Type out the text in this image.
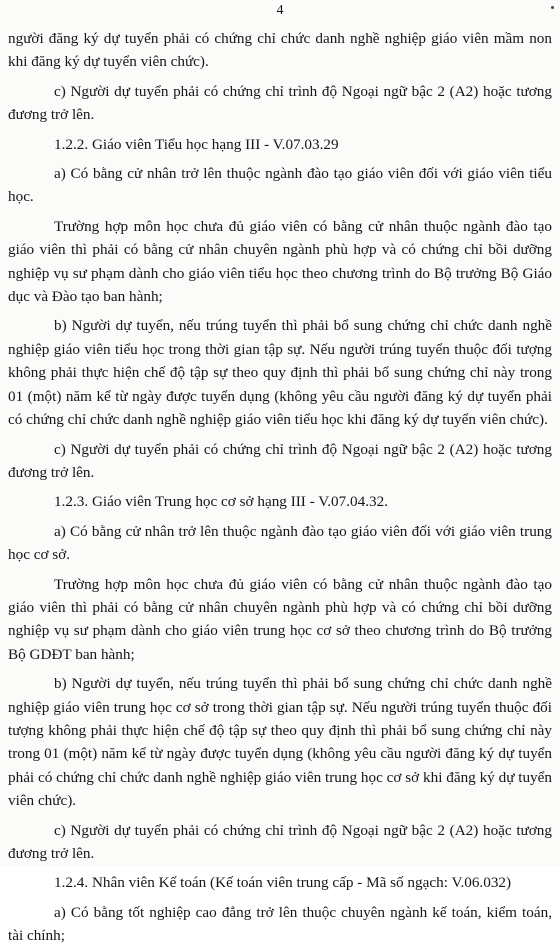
4

người đăng ký dự tuyển phải có chứng chỉ chức danh nghề nghiệp giáo viên mầm non khi đăng ký dự tuyển viên chức).

c) Người dự tuyển phải có chứng chỉ trình độ Ngoại ngữ bậc 2 (A2) hoặc tương đương trở lên.

1.2.2. Giáo viên Tiểu học hạng III - V.07.03.29

a) Có bằng cử nhân trở lên thuộc ngành đào tạo giáo viên đối với giáo viên tiểu học.

Trường hợp môn học chưa đủ giáo viên có bằng cử nhân thuộc ngành đào tạo giáo viên thì phải có bằng cử nhân chuyên ngành phù hợp và có chứng chỉ bồi dưỡng nghiệp vụ sư phạm dành cho giáo viên tiểu học theo chương trình do Bộ trưởng Bộ Giáo dục và Đào tạo ban hành;

b) Người dự tuyển, nếu trúng tuyển thì phải bổ sung chứng chỉ chức danh nghề nghiệp giáo viên tiểu học trong thời gian tập sự. Nếu người trúng tuyển thuộc đối tượng không phải thực hiện chế độ tập sự theo quy định thì phải bổ sung chứng chỉ này trong 01 (một) năm kể từ ngày được tuyển dụng (không yêu cầu người đăng ký dự tuyển phải có chứng chỉ chức danh nghề nghiệp giáo viên tiểu học khi đăng ký dự tuyển viên chức).

c) Người dự tuyển phải có chứng chỉ trình độ Ngoại ngữ bậc 2 (A2) hoặc tương đương trở lên.

1.2.3. Giáo viên Trung học cơ sở hạng III - V.07.04.32.

a) Có bằng cử nhân trở lên thuộc ngành đào tạo giáo viên đối với giáo viên trung học cơ sở.

Trường hợp môn học chưa đủ giáo viên có bằng cử nhân thuộc ngành đào tạo giáo viên thì phải có bằng cử nhân chuyên ngành phù hợp và có chứng chỉ bồi dưỡng nghiệp vụ sư phạm dành cho giáo viên trung học cơ sở theo chương trình do Bộ trưởng Bộ GDĐT ban hành;

b) Người dự tuyển, nếu trúng tuyển thì phải bổ sung chứng chỉ chức danh nghề nghiệp giáo viên trung học cơ sở trong thời gian tập sự. Nếu người trúng tuyển thuộc đối tượng không phải thực hiện chế độ tập sự theo quy định thì phải bổ sung chứng chỉ này trong 01 (một) năm kể từ ngày được tuyển dụng (không yêu cầu người đăng ký dự tuyển phải có chứng chỉ chức danh nghề nghiệp giáo viên trung học cơ sở khi đăng ký dự tuyển viên chức).

c) Người dự tuyển phải có chứng chỉ trình độ Ngoại ngữ bậc 2 (A2) hoặc tương đương trở lên.

1.2.4. Nhân viên Kế toán (Kế toán viên trung cấp - Mã số ngạch: V.06.032)

a) Có bằng tốt nghiệp cao đẳng trở lên thuộc chuyên ngành kế toán, kiểm toán, tài chính;
